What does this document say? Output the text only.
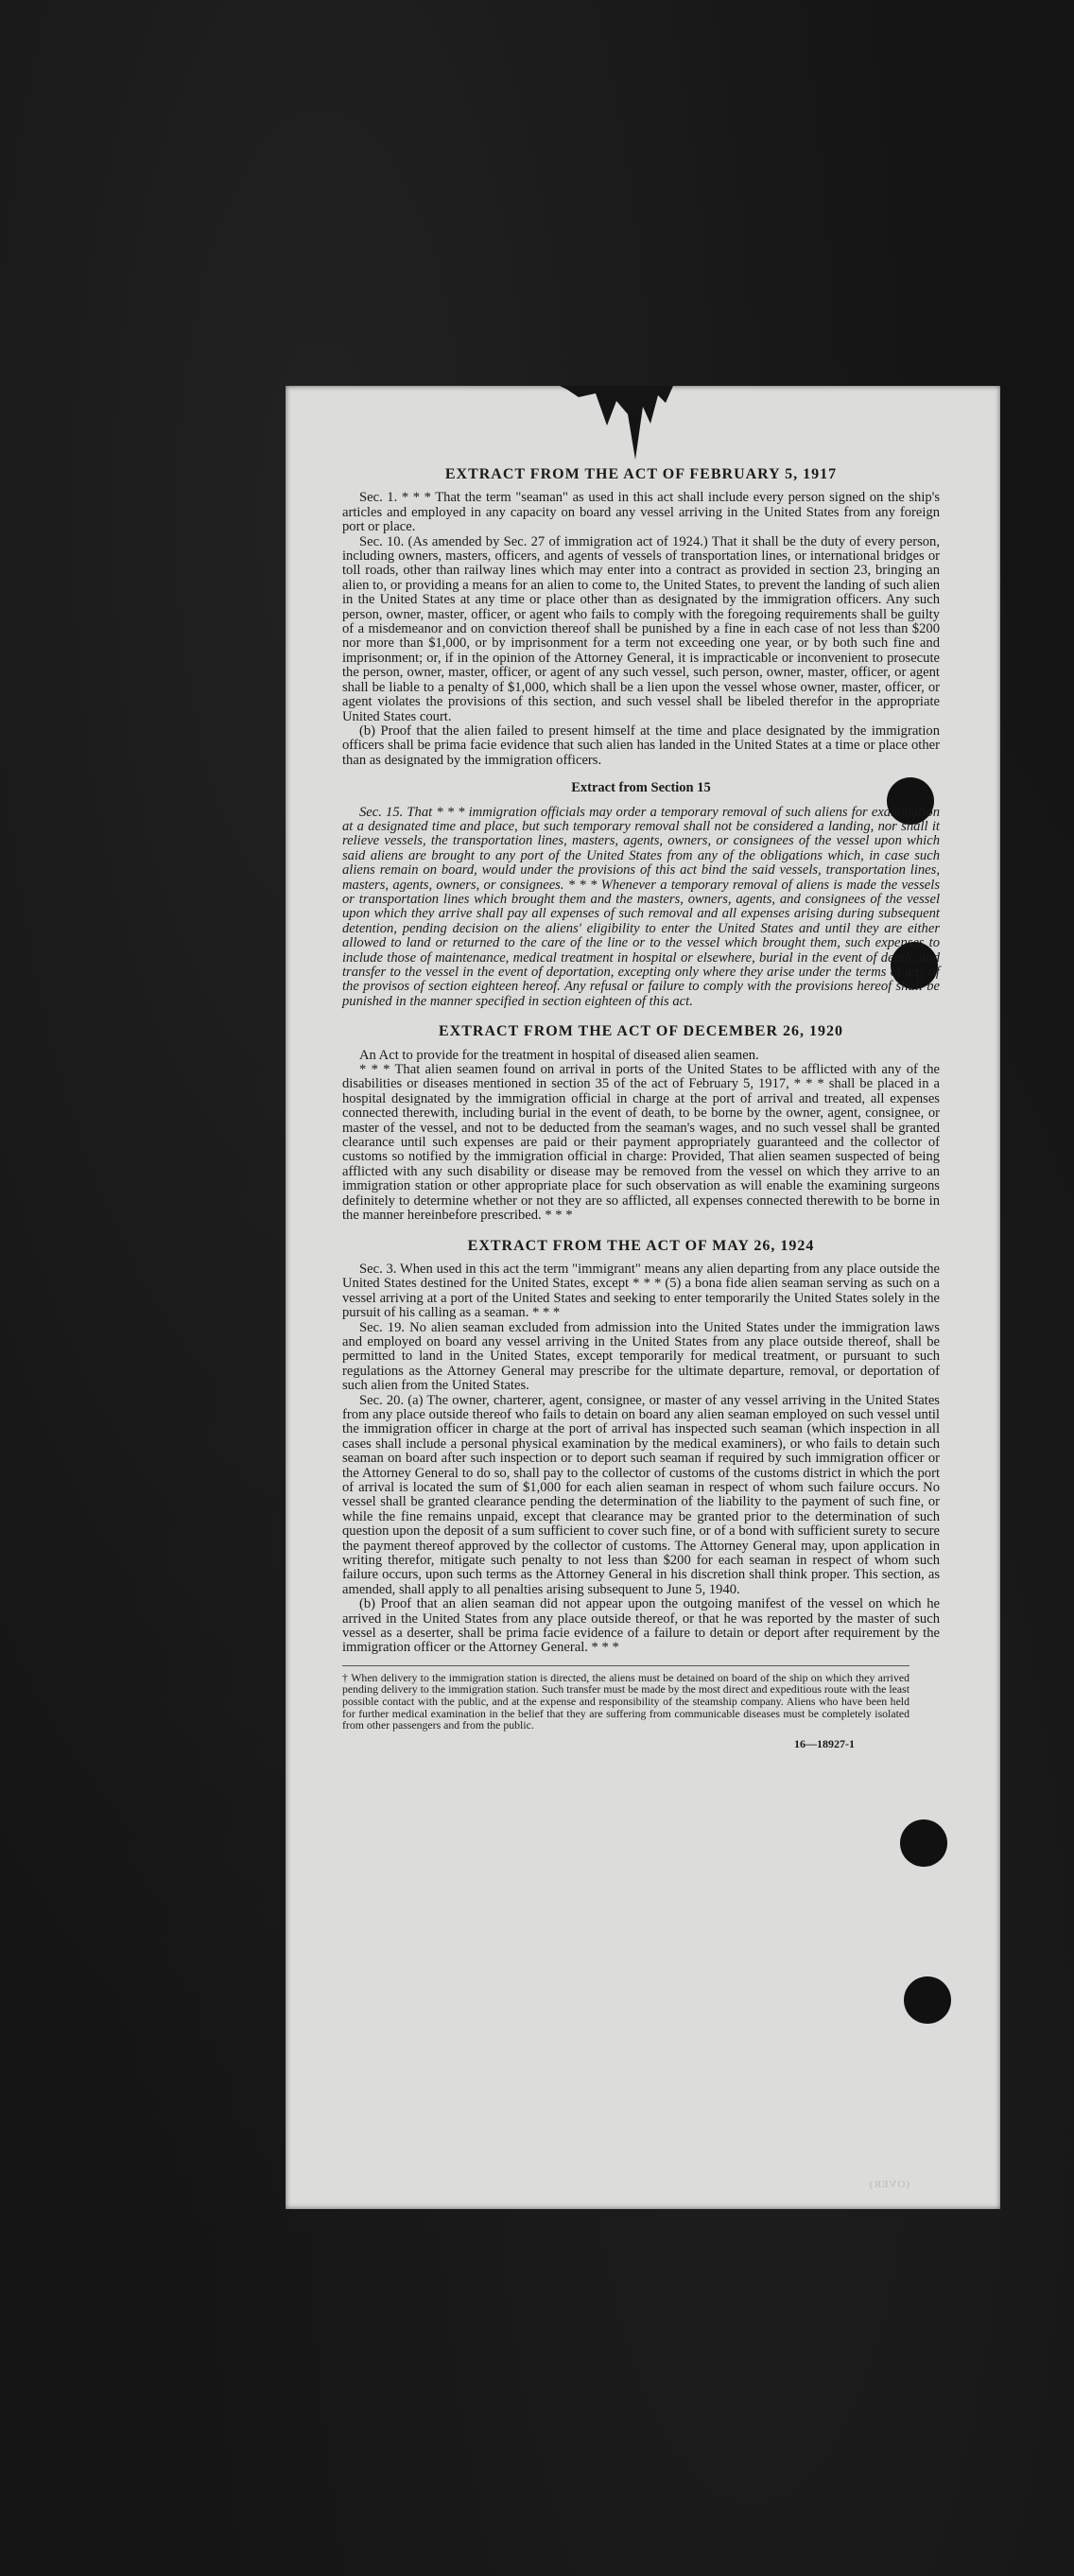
EXTRACT FROM THE ACT OF FEBRUARY 5, 1917

Sec. 1. * * * That the term "seaman" as used in this act shall include every person signed on the ship's articles and employed in any capacity on board any vessel arriving in the United States from any foreign port or place.

Sec. 10. (As amended by Sec. 27 of immigration act of 1924.) That it shall be the duty of every person, including owners, masters, officers, and agents of vessels of transportation lines, or international bridges or toll roads, other than railway lines which may enter into a contract as provided in section 23, bringing an alien to, or providing a means for an alien to come to, the United States, to prevent the landing of such alien in the United States at any time or place other than as designated by the immigration officers. Any such person, owner, master, officer, or agent who fails to comply with the foregoing requirements shall be guilty of a misdemeanor and on conviction thereof shall be punished by a fine in each case of not less than $200 nor more than $1,000, or by imprisonment for a term not exceeding one year, or by both such fine and imprisonment; or, if in the opinion of the Attorney General, it is impracticable or inconvenient to prosecute the person, owner, master, officer, or agent of any such vessel, such person, owner, master, officer, or agent shall be liable to a penalty of $1,000, which shall be a lien upon the vessel whose owner, master, officer, or agent violates the provisions of this section, and such vessel shall be libeled therefor in the appropriate United States court.

(b) Proof that the alien failed to present himself at the time and place designated by the immigration officers shall be prima facie evidence that such alien has landed in the United States at a time or place other than as designated by the immigration officers.

Extract from Section 15

Sec. 15. That * * * immigration officials may order a temporary removal of such aliens for examination at a designated time and place, but such temporary removal shall not be considered a landing, nor shall it relieve vessels, the transportation lines, masters, agents, owners, or consignees of the vessel upon which said aliens are brought to any port of the United States from any of the obligations which, in case such aliens remain on board, would under the provisions of this act bind the said vessels, transportation lines, masters, agents, owners, or consignees. * * * Whenever a temporary removal of aliens is made the vessels or transportation lines which brought them and the masters, owners, agents, and consignees of the vessel upon which they arrive shall pay all expenses of such removal and all expenses arising during subsequent detention, pending decision on the aliens' eligibility to enter the United States and until they are either allowed to land or returned to the care of the line or to the vessel which brought them, such expenses to include those of maintenance, medical treatment in hospital or elsewhere, burial in the event of death, and transfer to the vessel in the event of deportation, excepting only where they arise under the terms of any of the provisos of section eighteen hereof. Any refusal or failure to comply with the provisions hereof shall be punished in the manner specified in section eighteen of this act.

EXTRACT FROM THE ACT OF DECEMBER 26, 1920

An Act to provide for the treatment in hospital of diseased alien seamen.

* * * That alien seamen found on arrival in ports of the United States to be afflicted with any of the disabilities or diseases mentioned in section 35 of the act of February 5, 1917, * * * shall be placed in a hospital designated by the immigration official in charge at the port of arrival and treated, all expenses connected therewith, including burial in the event of death, to be borne by the owner, agent, consignee, or master of the vessel, and not to be deducted from the seaman's wages, and no such vessel shall be granted clearance until such expenses are paid or their payment appropriately guaranteed and the collector of customs so notified by the immigration official in charge: Provided, That alien seamen suspected of being afflicted with any such disability or disease may be removed from the vessel on which they arrive to an immigration station or other appropriate place for such observation as will enable the examining surgeons definitely to determine whether or not they are so afflicted, all expenses connected therewith to be borne in the manner hereinbefore prescribed. * * *

EXTRACT FROM THE ACT OF MAY 26, 1924

Sec. 3. When used in this act the term "immigrant" means any alien departing from any place outside the United States destined for the United States, except * * * (5) a bona fide alien seaman serving as such on a vessel arriving at a port of the United States and seeking to enter temporarily the United States solely in the pursuit of his calling as a seaman. * * *

Sec. 19. No alien seaman excluded from admission into the United States under the immigration laws and employed on board any vessel arriving in the United States from any place outside thereof, shall be permitted to land in the United States, except temporarily for medical treatment, or pursuant to such regulations as the Attorney General may prescribe for the ultimate departure, removal, or deportation of such alien from the United States.

Sec. 20. (a) The owner, charterer, agent, consignee, or master of any vessel arriving in the United States from any place outside thereof who fails to detain on board any alien seaman employed on such vessel until the immigration officer in charge at the port of arrival has inspected such seaman (which inspection in all cases shall include a personal physical examination by the medical examiners), or who fails to detain such seaman on board after such inspection or to deport such seaman if required by such immigration officer or the Attorney General to do so, shall pay to the collector of customs of the customs district in which the port of arrival is located the sum of $1,000 for each alien seaman in respect of whom such failure occurs. No vessel shall be granted clearance pending the determination of the liability to the payment of such fine, or while the fine remains unpaid, except that clearance may be granted prior to the determination of such question upon the deposit of a sum sufficient to cover such fine, or of a bond with sufficient surety to secure the payment thereof approved by the collector of customs. The Attorney General may, upon application in writing therefor, mitigate such penalty to not less than $200 for each seaman in respect of whom such failure occurs, upon such terms as the Attorney General in his discretion shall think proper. This section, as amended, shall apply to all penalties arising subsequent to June 5, 1940.

(b) Proof that an alien seaman did not appear upon the outgoing manifest of the vessel on which he arrived in the United States from any place outside thereof, or that he was reported by the master of such vessel as a deserter, shall be prima facie evidence of a failure to detain or deport after requirement by the immigration officer or the Attorney General. * * *

† When delivery to the immigration station is directed, the aliens must be detained on board of the ship on which they arrived pending delivery to the immigration station. Such transfer must be made by the most direct and expeditious route with the least possible contact with the public, and at the expense and responsibility of the steamship company. Aliens who have been held for further medical examination in the belief that they are suffering from communicable diseases must be completely isolated from other passengers and from the public.
16—18927-1
(OVER)
